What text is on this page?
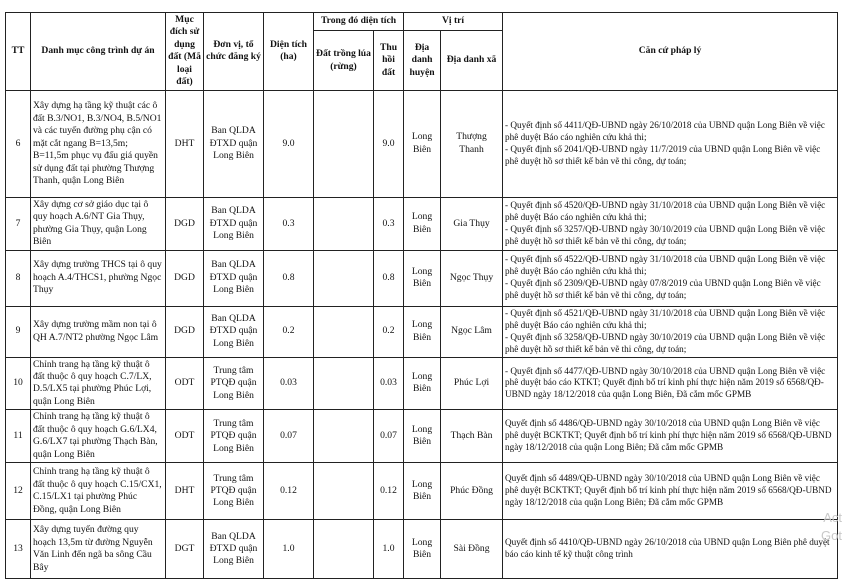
TT	Danh mục công trình dự án	Mục đích sử dụng đất (Mã loại đất)	Đơn vị, tổ chức đăng ký	Diện tích (ha)	Trong đó diện tích		Vị trí		Căn cứ pháp lý
					Đất trồng lúa (rừng)	Thu hồi đất	Địa danh huyện	Địa danh xã	
6	Xây dựng hạ tầng kỹ thuật các ô đất B.3/NO1, B.3/NO4, B.5/NO1 và các tuyến đường phụ cận có mặt cắt ngang B=13,5m; B=11,5m phục vụ đấu giá quyền sử dụng đất tại phường Thượng Thanh, quận Long Biên	DHT	Ban QLDA ĐTXD quận Long Biên	9.0		9.0	Long Biên	Thượng Thanh	- Quyết định số 4411/QĐ-UBND ngày 26/10/2018 của UBND quận Long Biên về việc phê duyệt Báo cáo nghiên cứu khả thi;
- Quyết định số 2041/QĐ-UBND ngày 11/7/2019 của UBND quận Long Biên về việc phê duyệt hồ sơ thiết kế bản vẽ thi công, dự toán;

7	Xây dựng cơ sở giáo dục tại ô quy hoạch A.6/NT Gia Thụy, phường Gia Thụy, quận Long Biên	DGD	Ban QLDA ĐTXD quận Long Biên	0.3		0.3	Long Biên	Gia Thụy	- Quyết định số 4520/QĐ-UBND ngày 31/10/2018 của UBND quận Long Biên về việc phê duyệt Báo cáo nghiên cứu khả thi;
- Quyết định số 3257/QĐ-UBND ngày 30/10/2019 của UBND quận Long Biên về việc phê duyệt hồ sơ thiết kế bản vẽ thi công, dự toán;

8	Xây dựng trường THCS tại ô quy hoạch A.4/THCS1, phường Ngọc Thụy	DGD	Ban QLDA ĐTXD quận Long Biên	0.8		0.8	Long Biên	Ngọc Thụy	- Quyết định số 4522/QĐ-UBND ngày 31/10/2018 của UBND quận Long Biên về việc phê duyệt Báo cáo nghiên cứu khả thi;
- Quyết định số 2309/QĐ-UBND ngày 07/8/2019 của UBND quận Long Biên về việc phê duyệt hồ sơ thiết kế bản vẽ thi công, dự toán;

9	Xây dựng trường mầm non tại ô QH A.7/NT2 phường Ngọc Lâm	DGD	Ban QLDA ĐTXD quận Long Biên	0.2		0.2	Long Biên	Ngọc Lâm	- Quyết định số 4521/QĐ-UBND ngày 31/10/2018 của UBND quận Long Biên về việc phê duyệt Báo cáo nghiên cứu khả thi;
- Quyết định số 3258/QĐ-UBND ngày 30/10/2019 của UBND quận Long Biên về việc phê duyệt hồ sơ thiết kế bản vẽ thi công, dự toán;

10	Chỉnh trang hạ tầng kỹ thuật ô đất thuộc ô quy hoạch C.7/LX, D.5/LX5 tại phường Phúc Lợi, quận Long Biên	ODT	Trung tâm PTQĐ quận Long Biên	0.03		0.03	Long Biên	Phúc Lợi	- Quyết định số 4477/QĐ-UBND ngày 30/10/2018 của UBND quận Long Biên về việc phê duyệt báo cáo KTKT; Quyết định bố trí kinh phí thực hiện năm 2019 số 6568/QĐ-UBND ngày 18/12/2018 của quận Long Biên, Đã cắm mốc GPMB

11	Chỉnh trang hạ tầng kỹ thuật ô đất thuộc ô quy hoạch G.6/LX4, G.6/LX7 tại phường Thạch Bàn, quận Long Biên	ODT	Trung tâm PTQĐ quận Long Biên	0.07		0.07	Long Biên	Thạch Bàn	Quyết định số 4486/QĐ-UBND ngày 30/10/2018 của UBND quận Long Biên về việc phê duyệt BCKTKT; Quyết định bố trí kinh phí thực hiện năm 2019 số 6568/QĐ-UBND ngày 18/12/2018 của quận Long Biên; Đã cắm mốc GPMB

12	Chỉnh trang hạ tầng kỹ thuật ô đất thuộc ô quy hoạch C.15/CX1, C.15/LX1 tại phường Phúc Đồng, quận Long Biên	DHT	Trung tâm PTQĐ quận Long Biên	0.12		0.12	Long Biên	Phúc Đồng	Quyết định số 4489/QĐ-UBND ngày 30/10/2018 của UBND quận Long Biên về việc phê duyệt BCKTKT; Quyết định bố trí kinh phí thực hiện năm 2019 số 6568/QĐ-UBND ngày 18/12/2018 của quận Long Biên; Đã cắm mốc GPMB

13	Xây dựng tuyến đường quy hoạch 13,5m từ đường Nguyễn Văn Linh đến ngã ba sông Cầu Bây	DGT	Ban QLDA ĐTXD quận Long Biên	1.0		1.0	Long Biên	Sài Đồng	Quyết định số 4410/QĐ-UBND ngày 26/10/2018 của UBND quận Long Biên phê duyệt báo cáo kinh tế kỹ thuật công trình
Act
Got
